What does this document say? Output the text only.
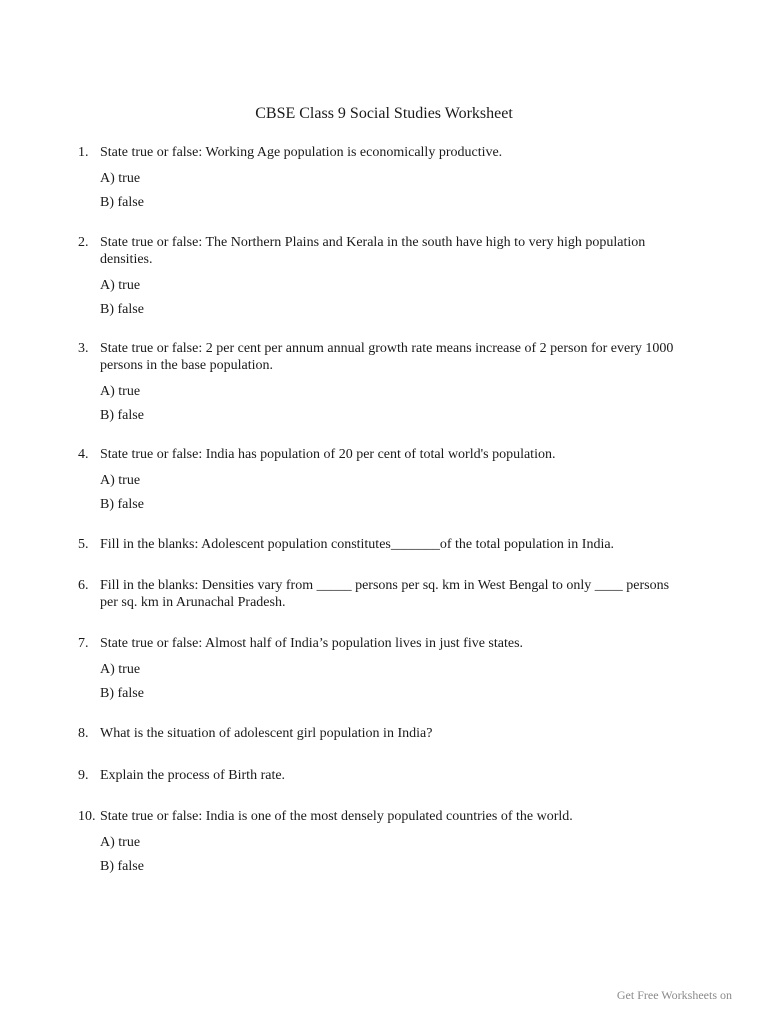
CBSE Class 9 Social Studies Worksheet
1. State true or false: Working Age population is economically productive.
A) true
B) false
2. State true or false: The Northern Plains and Kerala in the south have high to very high population densities.
A) true
B) false
3. State true or false: 2 per cent per annum annual growth rate means increase of 2 person for every 1000 persons in the base population.
A) true
B) false
4. State true or false: India has population of 20 per cent of total world's population.
A) true
B) false
5. Fill in the blanks: Adolescent population constitutes_______of the total population in India.
6. Fill in the blanks: Densities vary from _____ persons per sq. km in West Bengal to only ____ persons per sq. km in Arunachal Pradesh.
7. State true or false: Almost half of India’s population lives in just five states.
A) true
B) false
8. What is the situation of adolescent girl population in India?
9. Explain the process of Birth rate.
10. State true or false: India is one of the most densely populated countries of the world.
A) true
B) false
Get Free Worksheets on
